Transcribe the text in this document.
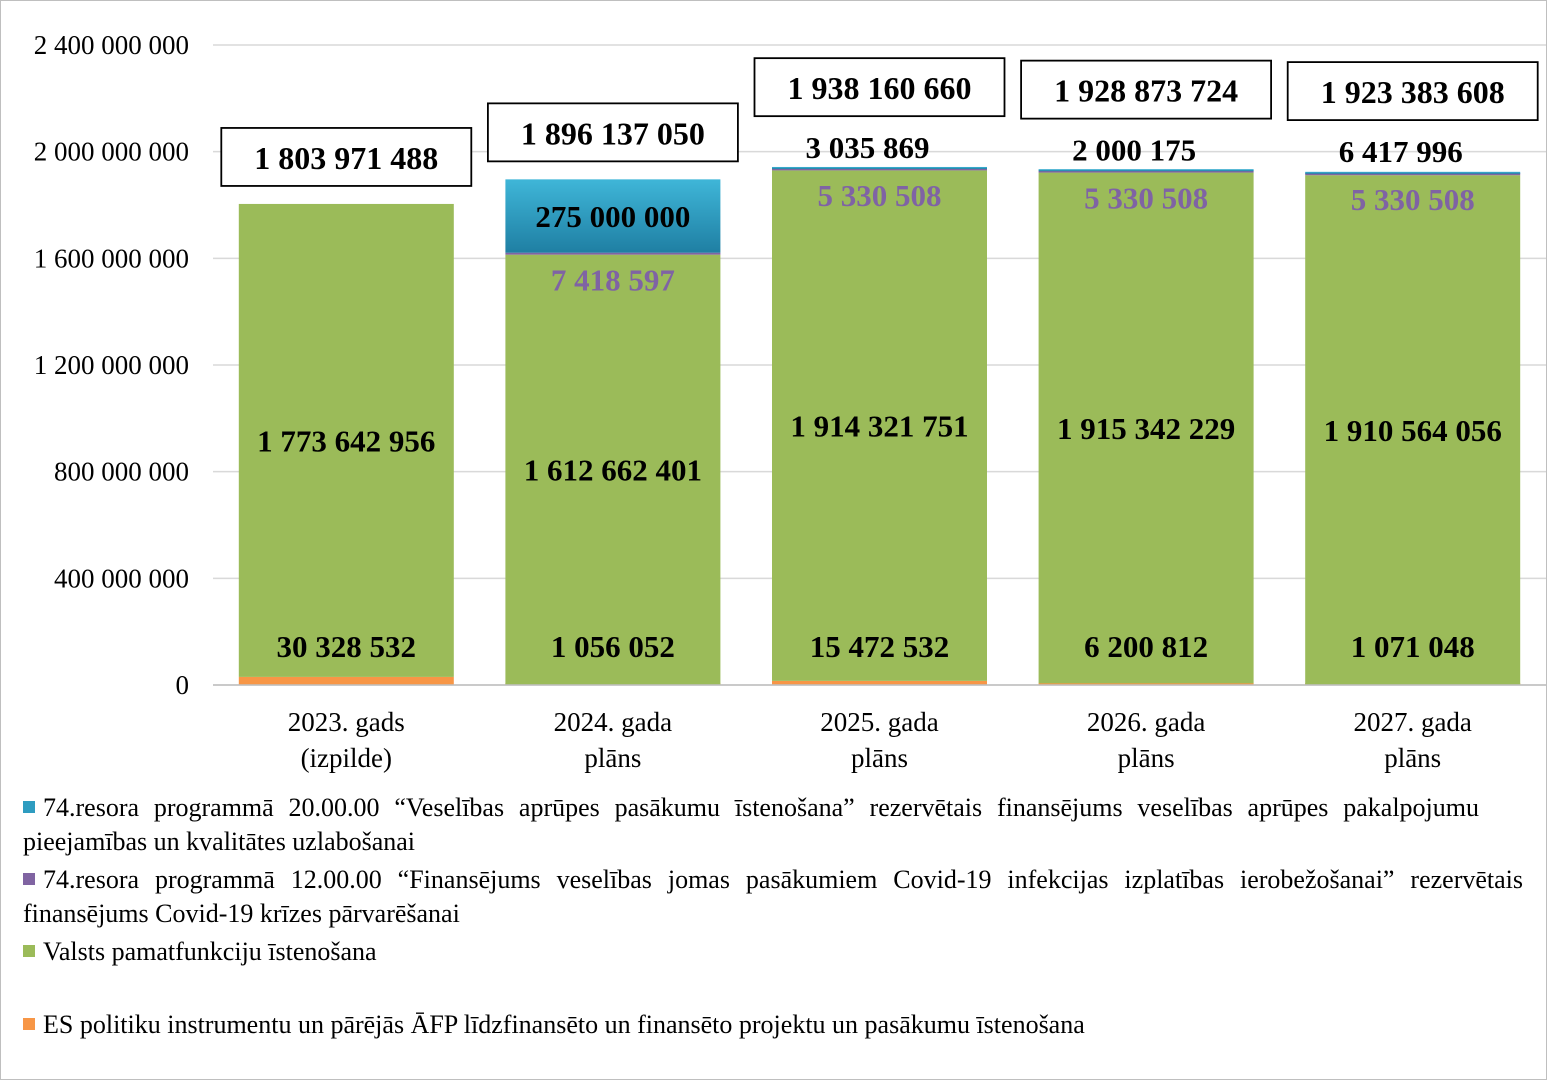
0
400 000 000
800 000 000
1 200 000 000
1 600 000 000
2 000 000 000
2 400 000 000
30 328 532
1 773 642 956
1 803 971 488
1 056 052
1 612 662 401
7 418 597
275 000 000
1 896 137 050
15 472 532
1 914 321 751
5 330 508
3 035 869
1 938 160 660
6 200 812
1 915 342 229
5 330 508
2 000 175
1 928 873 724
1 071 048
1 910 564 056
5 330 508
6 417 996
1 923 383 608
2023. gads
(izpilde)
2024. gada
plāns
2025. gada
plāns
2026. gada
plāns
2027. gada
plāns
74.resora programmā 20.00.00 “Veselības aprūpes pasākumu īstenošana” rezervētais finansējums veselības aprūpes pakalpojumu pieejamības un kvalitātes uzlabošanai
74.resora programmā 12.00.00 “Finansējums veselības jomas pasākumiem Covid-19 infekcijas izplatības ierobežošanai” rezervētais finansējums Covid-19 krīzes pārvarēšanai
Valsts pamatfunkciju īstenošana
ES politiku instrumentu un pārējās ĀFP līdzfinansēto un finansēto projektu un pasākumu īstenošana
